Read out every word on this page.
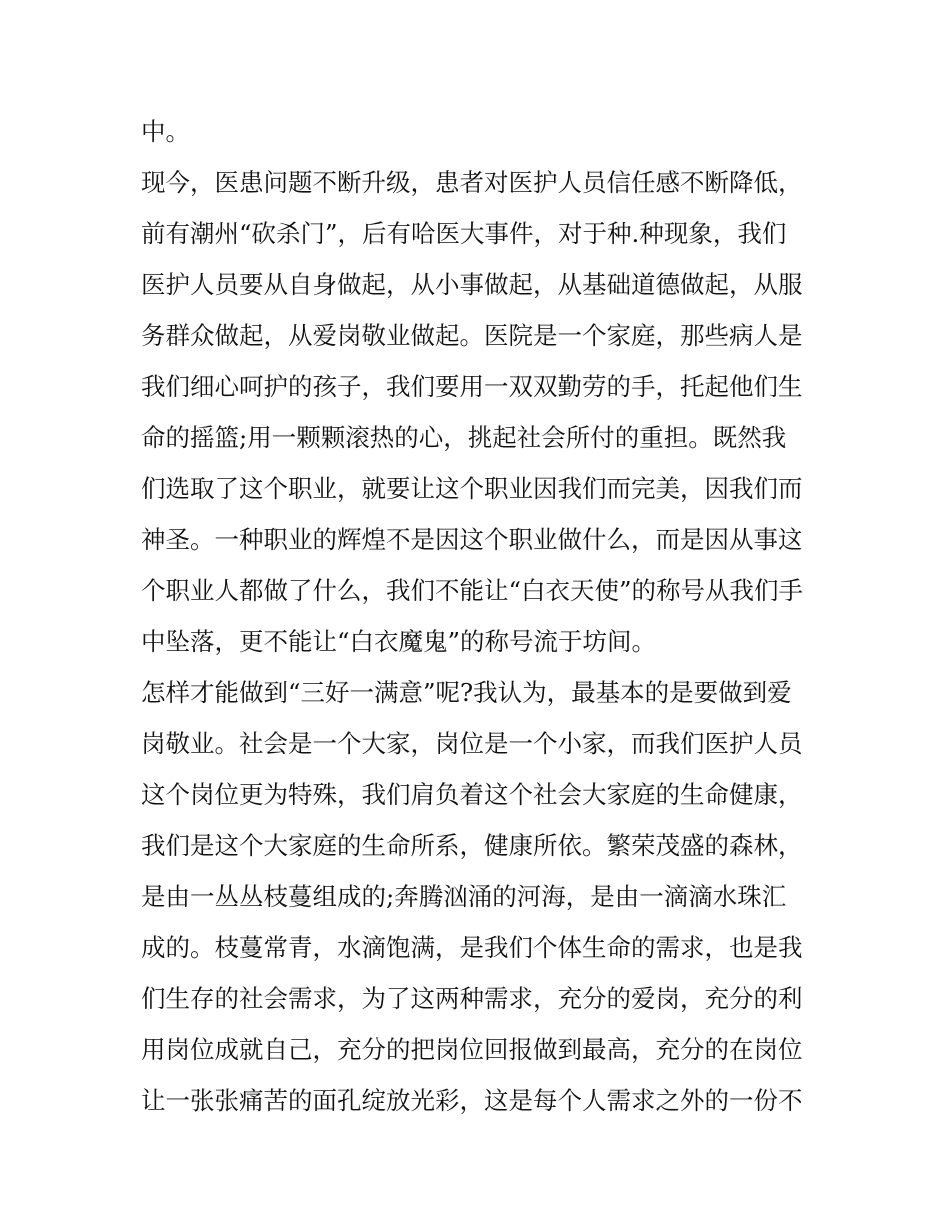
中。
现今，医患问题不断升级，患者对医护人员信任感不断降低，
前有潮州“砍杀门”，后有哈医大事件，对于种.种现象，我们
医护人员要从自身做起，从小事做起，从基础道德做起，从服
务群众做起，从爱岗敬业做起。医院是一个家庭，那些病人是
我们细心呵护的孩子，我们要用一双双勤劳的手，托起他们生
命的摇篮;用一颗颗滚热的心，挑起社会所付的重担。既然我
们选取了这个职业，就要让这个职业因我们而完美，因我们而
神圣。一种职业的辉煌不是因这个职业做什么，而是因从事这
个职业人都做了什么，我们不能让“白衣天使”的称号从我们手
中坠落，更不能让“白衣魔鬼”的称号流于坊间。
怎样才能做到“三好一满意”呢?我认为，最基本的是要做到爱
岗敬业。社会是一个大家，岗位是一个小家，而我们医护人员
这个岗位更为特殊，我们肩负着这个社会大家庭的生命健康，
我们是这个大家庭的生命所系，健康所依。繁荣茂盛的森林，
是由一丛丛枝蔓组成的;奔腾汹涌的河海，是由一滴滴水珠汇
成的。枝蔓常青，水滴饱满，是我们个体生命的需求，也是我
们生存的社会需求，为了这两种需求，充分的爱岗，充分的利
用岗位成就自己，充分的把岗位回报做到最高，充分的在岗位
让一张张痛苦的面孔绽放光彩，这是每个人需求之外的一份不
